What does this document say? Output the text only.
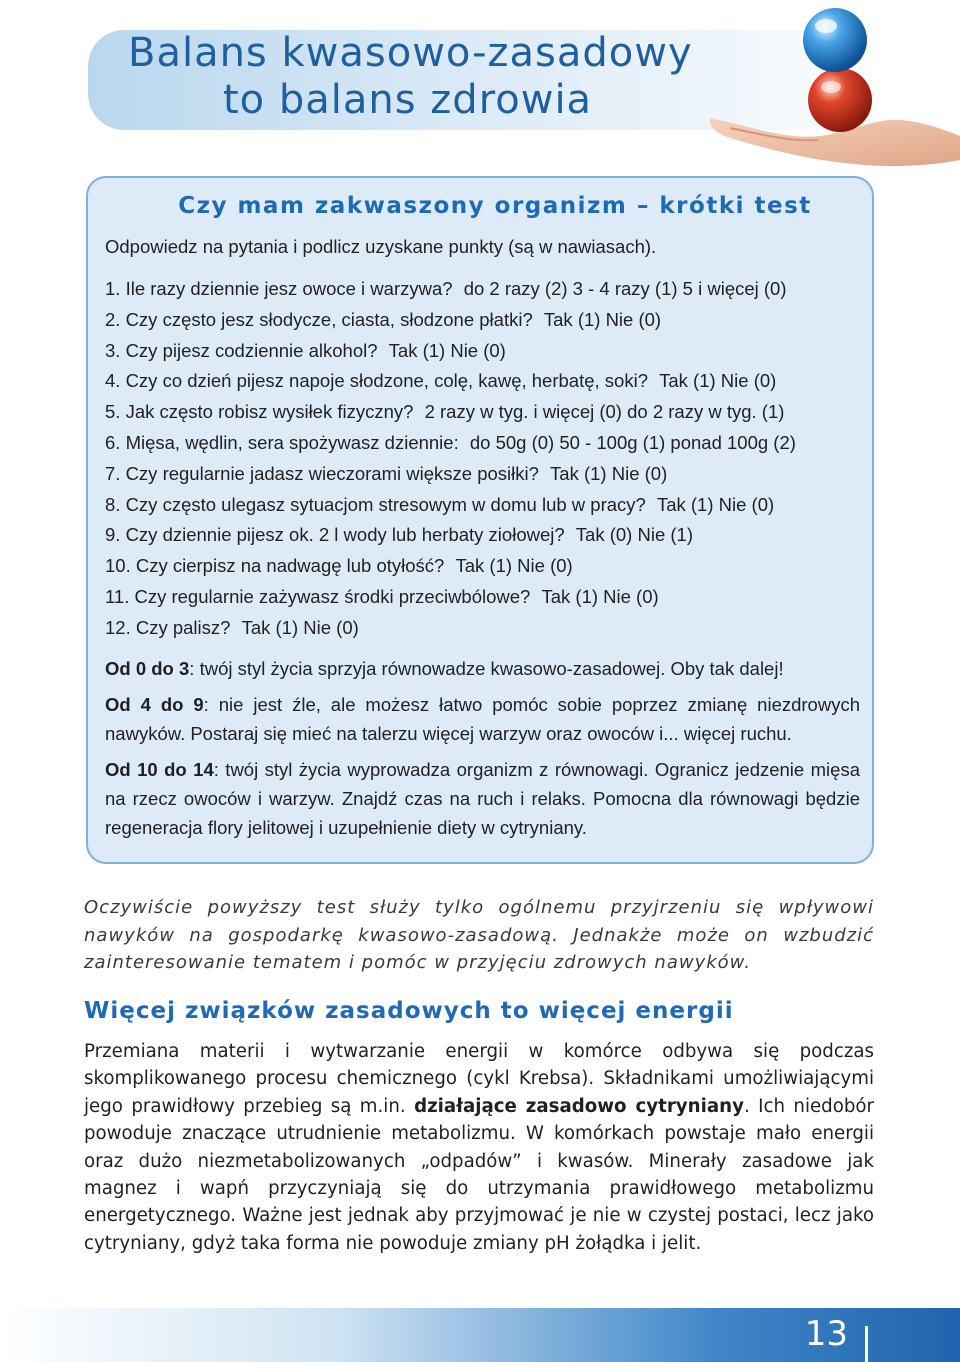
Balans kwasowo-zasadowy
to balans zdrowia
Czy mam zakwaszony organizm – krótki test

Odpowiedz na pytania i podlicz uzyskane punkty (są w nawiasach).

1. Ile razy dziennie jesz owoce i warzywa? do 2 razy (2) 3 - 4 razy (1) 5 i więcej (0)
2. Czy często jesz słodycze, ciasta, słodzone płatki? Tak (1) Nie (0)
3. Czy pijesz codziennie alkohol? Tak (1) Nie (0)
4. Czy co dzień pijesz napoje słodzone, colę, kawę, herbatę, soki? Tak (1) Nie (0)
5. Jak często robisz wysiłek fizyczny? 2 razy w tyg. i więcej (0) do 2 razy w tyg. (1)
6. Mięsa, wędlin, sera spożywasz dziennie: do 50g (0) 50 - 100g (1) ponad 100g (2)
7. Czy regularnie jadasz wieczorami większe posiłki? Tak (1) Nie (0)
8. Czy często ulegasz sytuacjom stresowym w domu lub w pracy? Tak (1) Nie (0)
9. Czy dziennie pijesz ok. 2 l wody lub herbaty ziołowej? Tak (0) Nie (1)
10. Czy cierpisz na nadwagę lub otyłość? Tak (1) Nie (0)
11. Czy regularnie zażywasz środki przeciwbólowe? Tak (1) Nie (0)
12. Czy palisz? Tak (1) Nie (0)

Od 0 do 3: twój styl życia sprzyja równowadze kwasowo-zasadowej. Oby tak dalej!

Od 4 do 9: nie jest źle, ale możesz łatwo pomóc sobie poprzez zmianę niezdrowych nawyków. Postaraj się mieć na talerzu więcej warzyw oraz owoców i... więcej ruchu.

Od 10 do 14: twój styl życia wyprowadza organizm z równowagi. Ogranicz jedzenie mięsa na rzecz owoców i warzyw. Znajdź czas na ruch i relaks. Pomocna dla równowagi będzie regeneracja flory jelitowej i uzupełnienie diety w cytryniany.

Oczywiście powyższy test służy tylko ogólnemu przyjrzeniu się wpływowi nawyków na gospodarkę kwasowo-zasadową. Jednakże może on wzbudzić zainteresowanie tematem i pomóc w przyjęciu zdrowych nawyków.

Więcej związków zasadowych to więcej energii

Przemiana materii i wytwarzanie energii w komórce odbywa się podczas skomplikowanego procesu chemicznego (cykl Krebsa). Składnikami umożliwiającymi jego prawidłowy przebieg są m.in. działające zasadowo cytryniany. Ich niedobór powoduje znaczące utrudnienie metabolizmu. W komórkach powstaje mało energii oraz dużo niezmetabolizowanych „odpadów” i kwasów. Minerały zasadowe jak magnez i wapń przyczyniają się do utrzymania prawidłowego metabolizmu energetycznego. Ważne jest jednak aby przyjmować je nie w czystej postaci, lecz jako cytryniany, gdyż taka forma nie powoduje zmiany pH żołądka i jelit.

13
